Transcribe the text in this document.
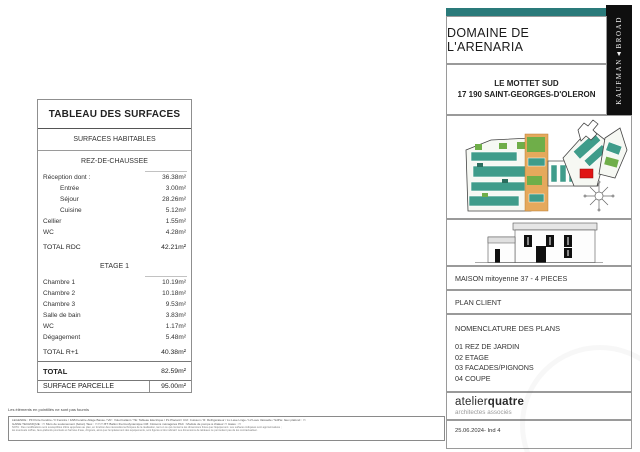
TABLEAU DES SURFACES
SURFACES HABITABLES
REZ-DE-CHAUSSEE
Réception dont :	36.38m²
Entrée	3.00m²
Séjour	28.26m²
Cuisine	5.12m²
Cellier	1.55m²
WC	4.28m²
TOTAL RDC	42.21m²
ETAGE 1
Chambre 1	10.19m²
Chambre 2	10.18m²
Chambre 3	9.53m²
Salle de bain	3.83m²
WC	1.17m²
Dégagement	5.48m²
TOTAL R+1	40.38m²
TOTAL	82.59m²
SURFACE PARCELLE	95.00m²
Les éléments en pointillés ne sont pas fournis
LEGENDE : PF:Porte Fenêtre / F:Fenêtre / FAB:Fenêtre Allège Basse / VR : Volet battant / TE: Tableau Electrique / PL:Placard / CUI: Cuisson / R: Réfrigérateur / LL:Lave Linge / LV:Lave Vaisselle / SdPte: faux plafond : ▭
GAINE TECHNIQUE : ▭ Murs de soutènement (béton) Taux : ▭▭▭ BT: Ballon thermodynamique CM: Cloisons ménagères PAC : Module de pompe à chaleur ▭ Haies : ▭
NOTA : Des modifications sont susceptibles d'être apportées au plan, en fonction des nécessités techniques de la réalisation, tant en ce qui concerne les dimensions finies que l'équipement. Les surfaces indiquées sont approximatives ;
les éventuels coffres, faux-plafonds ponctuels et l'arrivée d'eau, d'égouts, ainsi que l'emplacement des équipements, sont figurés à titre indicatif. Les dimensions de tableaux ne permettent pas de les contractualiser.
KAUFMAN▲BROAD
DOMAINE DE L'ARENARIA
LE MOTTET SUD
17 190 SAINT-GEORGES-D'OLERON
MAISON mitoyenne 37 - 4 PIECES
PLAN CLIENT
NOMENCLATURE DES PLANS
01 REZ DE JARDIN
02 ETAGE
03 FACADES/PIGNONS
04 COUPE
atelierquatre
architectes associés
25.06.2024- Ind 4
